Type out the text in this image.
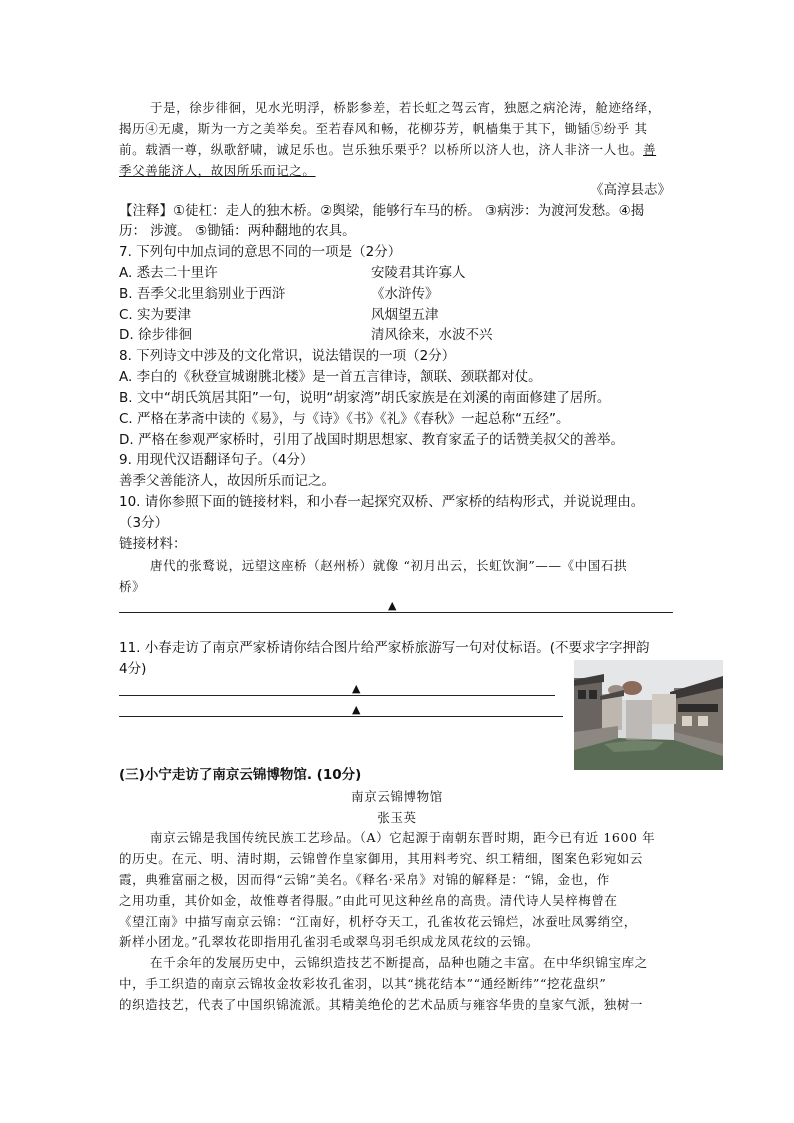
于是，徐步徘徊，见水光明浮，桥影参差，若长虹之驾云宵，独愿之病沦涛，舱迹络绎，
揭历④无虞，斯为一方之美举矣。至若春风和畅，花柳芬芳，帆樯集于其下，锄锸⑤纷乎 其
前。载酒一尊，纵歌舒啸，诚足乐也。岂乐独乐栗乎？以桥所以济人也，济人非济一人也。善
季父善能济人，故因所乐而记之。
《高淳县志》
【注释】①徒杠：走人的独木桥。②舆梁，能够行车马的桥。 ③病涉：为渡河发愁。④揭
历： 涉渡。 ⑤锄锸：两种翻地的农具。
7. 下列句中加点词的意思不同的一项是（2分）
A. 悉去二十里许	安陵君其许寡人
B. 吾季父北里翁别业于西浒	《水浒传》
C. 实为要津	风烟望五津
D. 徐步徘徊	清风徐来，水波不兴
8. 下列诗文中涉及的文化常识，说法错误的一项（2分）
A. 李白的《秋登宣城谢朓北楼》是一首五言律诗，颔联、颈联都对仗。
B. 文中“胡氏筑居其阳”一句，说明“胡家湾”胡氏家族是在刘溪的南面修建了居所。
C. 严格在茅斋中读的《易》，与《诗》《书》《礼》《春秋》一起总称“五经”。
D. 严格在参观严家桥时，引用了战国时期思想家、教育家孟子的话赞美叔父的善举。
9. 用现代汉语翻译句子。（4分）
善季父善能济人，故因所乐而记之。
10. 请你参照下面的链接材料，和小春一起探究双桥、严家桥的结构形式，并说说理由。
（3分）
链接材料：
唐代的张鹜说，远望这座桥（赵州桥）就像 “初月出云，长虹饮涧”——《中国石拱
桥》
▲
11. 小春走访了南京严家桥请你结合图片给严家桥旅游写一句对仗标语。(不要求字字押韵
4分)
▲
▲
(三)小宁走访了南京云锦博物馆. (10分)
南京云锦博物馆
张玉英
南京云锦是我国传统民族工艺珍品。（A）它起源于南朝东晋时期，距今已有近 1600 年
的历史。在元、明、清时期，云锦曾作皇家御用，其用料考究、织工精细，图案色彩宛如云
霞，典雅富丽之极，因而得“云锦”美名。《释名·采帛》对锦的解释是：“锦，金也，作
之用功重，其价如金，故惟尊者得服。”由此可见这种丝帛的高贵。清代诗人吴梓梅曾在
《望江南》中描写南京云锦：“江南好，机杼夺天工，孔雀妆花云锦烂，冰蚕吐凤雾绡空，
新样小团龙。”孔翠妆花即指用孔雀羽毛或翠鸟羽毛织成龙凤花纹的云锦。
在千余年的发展历史中，云锦织造技艺不断提高，品种也随之丰富。在中华织锦宝库之
中，手工织造的南京云锦妆金妆彩妆孔雀羽，以其“挑花结本”“通经断纬”“挖花盘织”
的织造技艺，代表了中国织锦流派。其精美绝伦的艺术品质与雍容华贵的皇家气派，独树一
